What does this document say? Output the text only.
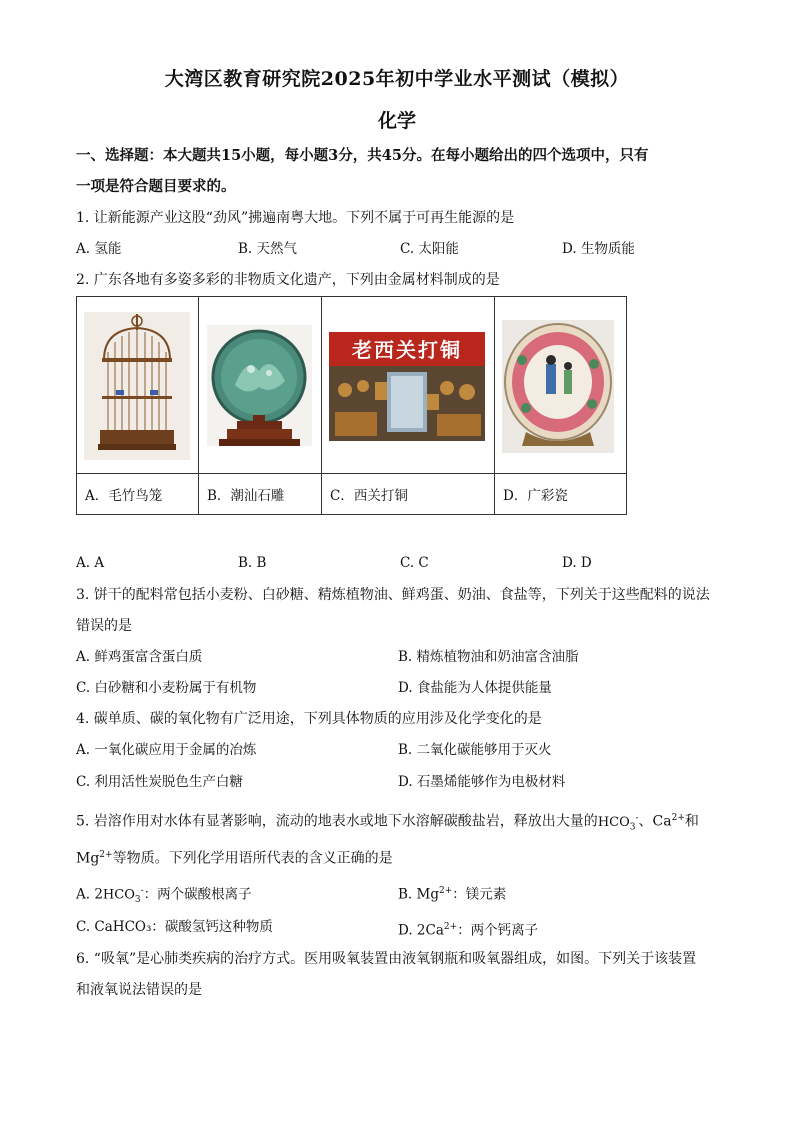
大湾区教育研究院2025年初中学业水平测试（模拟）
化学
一、选择题：本大题共15小题，每小题3分，共45分。在每小题给出的四个选项中，只有
一项是符合题目要求的。
1. 让新能源产业这股“劲风”拂遍南粤大地。下列不属于可再生能源的是
A. 氢能	B. 天然气	C. 太阳能	D. 生物质能
2. 广东各地有多姿多彩的非物质文化遗产，下列由金属材料制成的是

老西关打铜

A．毛竹鸟笼	B．潮汕石雕	C．西关打铜	D．广彩瓷
A. A	B. B	C. C	D. D
3. 饼干的配料常包括小麦粉、白砂糖、精炼植物油、鲜鸡蛋、奶油、食盐等，下列关于这些配料的说法
错误的是
A. 鲜鸡蛋富含蛋白质	B. 精炼植物油和奶油富含油脂
C. 白砂糖和小麦粉属于有机物	D. 食盐能为人体提供能量
4. 碳单质、碳的氧化物有广泛用途，下列具体物质的应用涉及化学变化的是
A. 一氧化碳应用于金属的冶炼	B. 二氧化碳能够用于灭火
C. 利用活性炭脱色生产白糖	D. 石墨烯能够作为电极材料
5. 岩溶作用对水体有显著影响，流动的地表水或地下水溶解碳酸盐岩，释放出大量的$HCO_3^-$、$Ca^{2+}$和
$Mg^{2+}$等物质。下列化学用语所代表的含义正确的是
A. $2HCO_3^-$：两个碳酸根离子	B. $Mg^{2+}$：镁元素
C. CaHCO₃：碳酸氢钙这种物质	D. $2Ca^{2+}$：两个钙离子
6. “吸氧”是心肺类疾病的治疗方式。医用吸氧装置由液氧钢瓶和吸氧器组成，如图。下列关于该装置
和液氧说法错误的是
